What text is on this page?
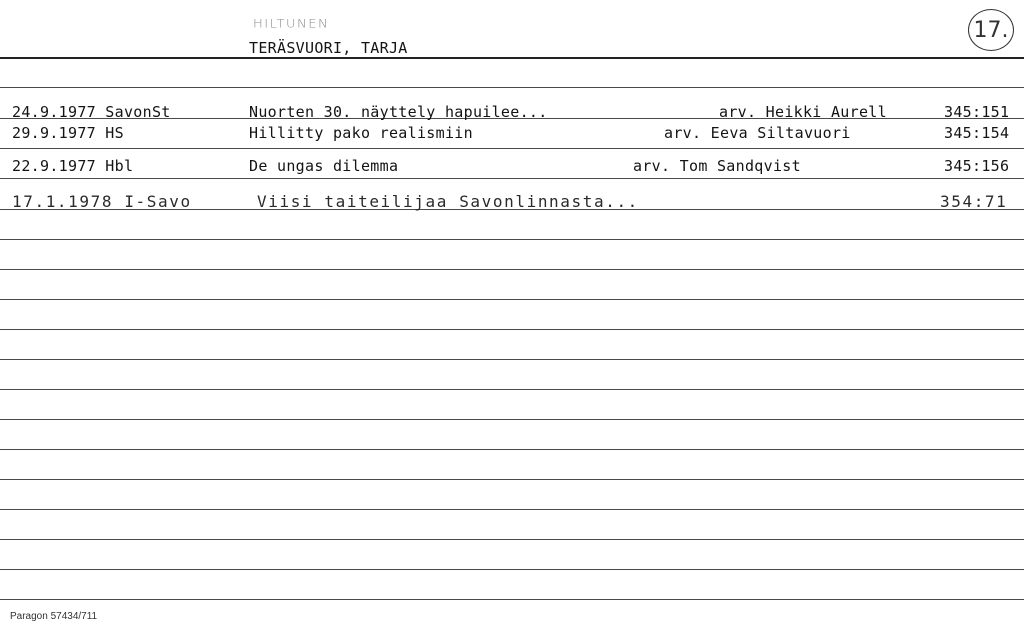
HILTUNEN
TERÄSVUORI, TARJA
17.
24.9.1977 SavonSt	Nuorten 30. näyttely hapuilee...	arv. Heikki Aurell	345:151
29.9.1977 HS	Hillitty pako realismiin	arv. Eeva Siltavuori	345:154
22.9.1977 Hbl	De ungas dilemma	arv. Tom Sandqvist	345:156
17.1.1978 I-Savo	Viisi taiteilijaa Savonlinnasta...	354:71
Paragon 57434/711
